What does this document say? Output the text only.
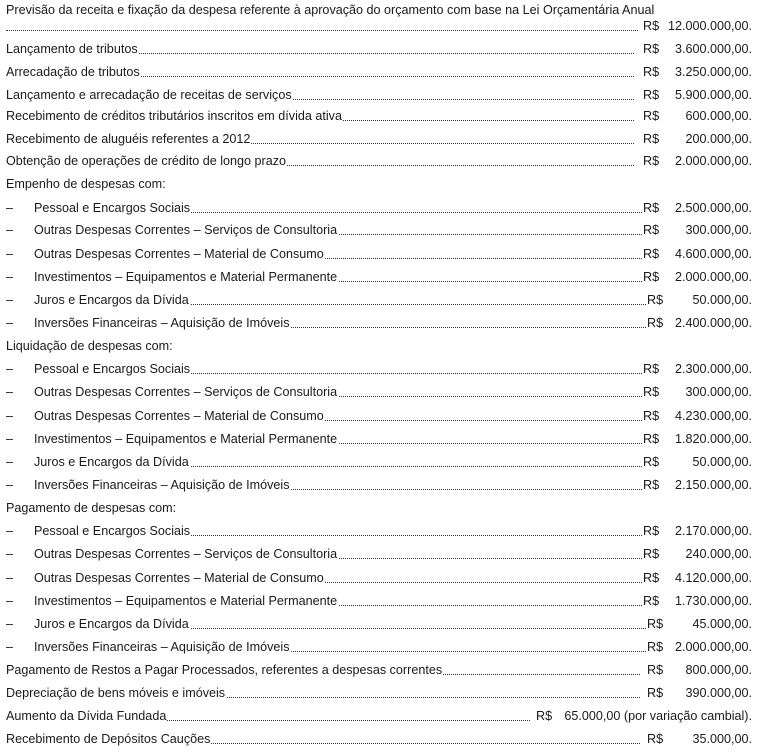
Previsão da receita e fixação da despesa referente à aprovação do orçamento com base na Lei Orçamentária Anual
R$ 12.000.000,00.
Lançamento de tributos	R$	3.600.000,00.
Arrecadação de tributos	R$	3.250.000,00.
Lançamento e arrecadação de receitas de serviços	R$	5.900.000,00.
Recebimento de créditos tributários inscritos em dívida ativa	R$	600.000,00.
Recebimento de aluguéis referentes a 2012	R$	200.000,00.
Obtenção de operações de crédito de longo prazo	R$	2.000.000,00.
Empenho de despesas com:
– Pessoal e Encargos Sociais	R$	2.500.000,00.
– Outras Despesas Correntes – Serviços de Consultoria	R$	300.000,00.
– Outras Despesas Correntes – Material de Consumo	R$	4.600.000,00.
– Investimentos – Equipamentos e Material Permanente	R$	2.000.000,00.
– Juros e Encargos da Dívida	R$	50.000,00.
– Inversões Financeiras – Aquisição de Imóveis	R$ 2.400.000,00.
Liquidação de despesas com:
– Pessoal e Encargos Sociais	R$	2.300.000,00.
– Outras Despesas Correntes – Serviços de Consultoria	R$	300.000,00.
– Outras Despesas Correntes – Material de Consumo	R$	4.230.000,00.
– Investimentos – Equipamentos e Material Permanente	R$	1.820.000,00.
– Juros e Encargos da Dívida	R$	50.000,00.
– Inversões Financeiras – Aquisição de Imóveis	R$	2.150.000,00.
Pagamento de despesas com:
– Pessoal e Encargos Sociais	R$	2.170.000,00.
– Outras Despesas Correntes – Serviços de Consultoria	R$	240.000,00.
– Outras Despesas Correntes – Material de Consumo	R$	4.120.000,00.
– Investimentos – Equipamentos e Material Permanente	R$	1.730.000,00.
– Juros e Encargos da Dívida	R$	45.000,00.
– Inversões Financeiras – Aquisição de Imóveis	R$ 2.000.000,00.
Pagamento de Restos a Pagar Processados, referentes a despesas correntes	R$	800.000,00.
Depreciação de bens móveis e imóveis	R$	390.000,00.
Aumento da Dívida Fundada	R$ 65.000,00 (por variação cambial).
Recebimento de Depósitos Cauções	R$	35.000,00.
